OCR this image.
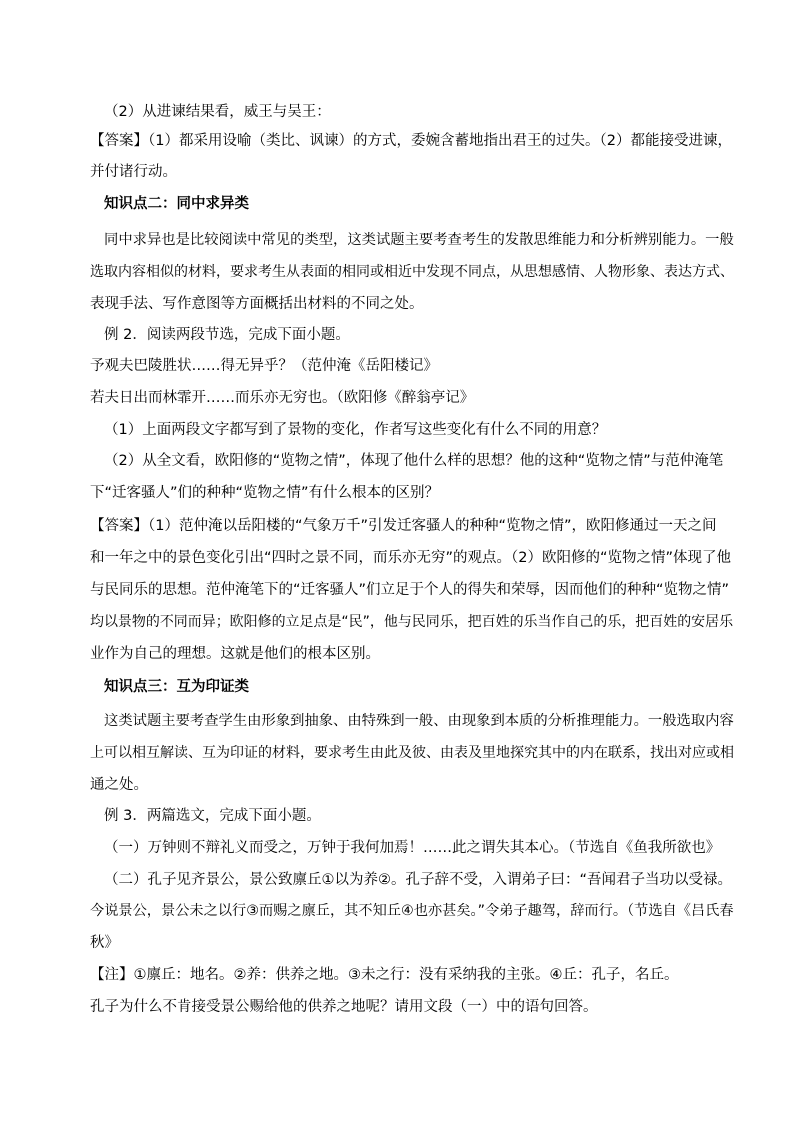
（2）从进谏结果看，威王与吴王：
【答案】（1）都采用设喻（类比、讽谏）的方式，委婉含蓄地指出君王的过失。（2）都能接受进谏，
并付诸行动。
知识点二：同中求异类
同中求异也是比较阅读中常见的类型，这类试题主要考查考生的发散思维能力和分析辨别能力。一般
选取内容相似的材料，要求考生从表面的相同或相近中发现不同点，从思想感情、人物形象、表达方式、
表现手法、写作意图等方面概括出材料的不同之处。
例 2．阅读两段节选，完成下面小题。
予观夫巴陵胜状……得无异乎？（范仲淹《岳阳楼记》
若夫日出而林霏开……而乐亦无穷也。（欧阳修《醉翁亭记》
（1）上面两段文字都写到了景物的变化，作者写这些变化有什么不同的用意？
（2）从全文看，欧阳修的“览物之情”，体现了他什么样的思想？他的这种“览物之情”与范仲淹笔
下“迁客骚人”们的种种“览物之情”有什么根本的区别？
【答案】（1）范仲淹以岳阳楼的“气象万千”引发迁客骚人的种种“览物之情”，欧阳修通过一天之间
和一年之中的景色变化引出“四时之景不同，而乐亦无穷”的观点。（2）欧阳修的“览物之情”体现了他
与民同乐的思想。范仲淹笔下的“迁客骚人”们立足于个人的得失和荣辱，因而他们的种种“览物之情”
均以景物的不同而异；欧阳修的立足点是“民”，他与民同乐，把百姓的乐当作自己的乐，把百姓的安居乐
业作为自己的理想。这就是他们的根本区别。
知识点三：互为印证类
这类试题主要考查学生由形象到抽象、由特殊到一般、由现象到本质的分析推理能力。一般选取内容
上可以相互解读、互为印证的材料，要求考生由此及彼、由表及里地探究其中的内在联系，找出对应或相
通之处。
例 3．两篇选文，完成下面小题。
（一）万钟则不辩礼义而受之，万钟于我何加焉！……此之谓失其本心。（节选自《鱼我所欲也》
（二）孔子见齐景公，景公致廪丘①以为养②。孔子辞不受，入谓弟子曰：“吾闻君子当功以受禄。
今说景公，景公未之以行③而赐之廪丘，其不知丘④也亦甚矣。”令弟子趣驾，辞而行。（节选自《吕氏春
秋》
【注】①廪丘：地名。②养：供养之地。③未之行：没有采纳我的主张。④丘：孔子，名丘。
孔子为什么不肯接受景公赐给他的供养之地呢？请用文段（一）中的语句回答。
